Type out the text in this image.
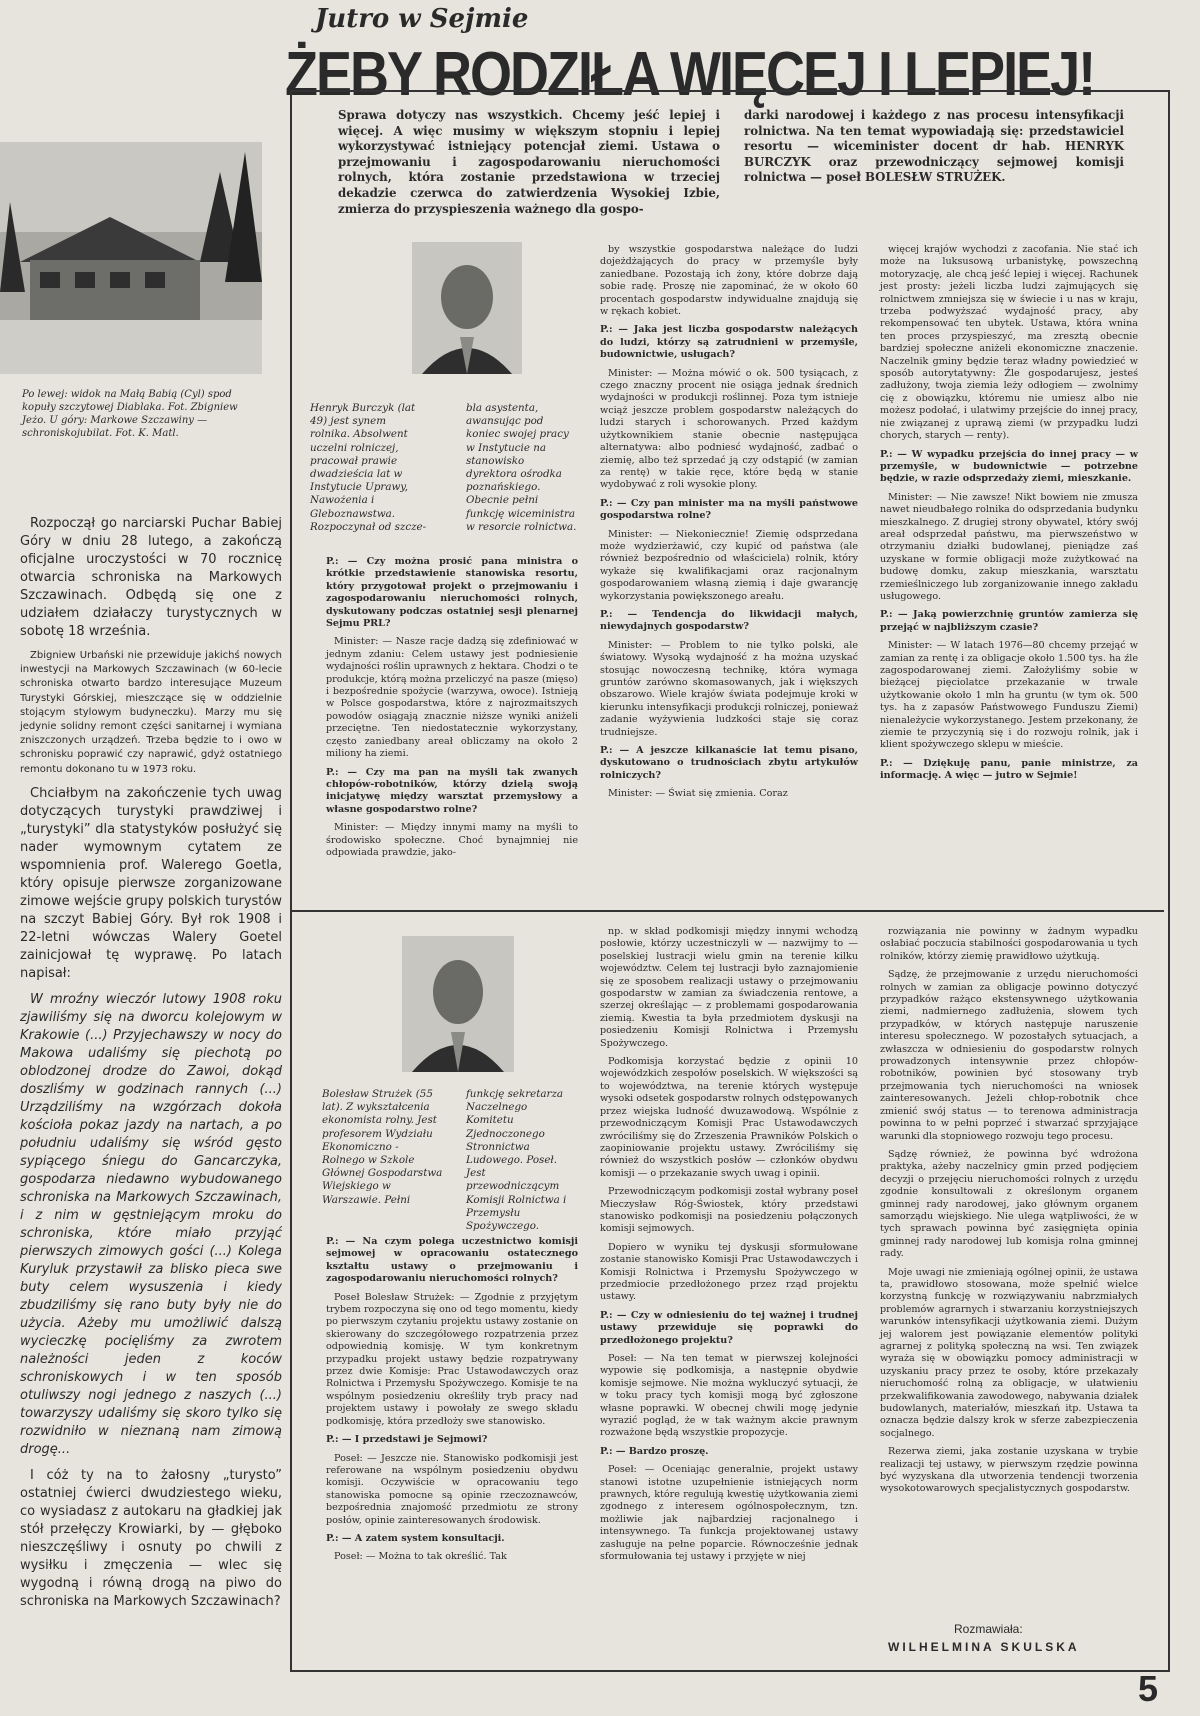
Jutro w Sejmie
ŻEBY RODZIŁA WIĘCEJ I LEPIEJ!
Sprawa dotyczy nas wszystkich. Chcemy jeść lepiej i więcej. A więc musimy w większym stopniu i lepiej wykorzystywać istniejący potencjał ziemi. Ustawa o przejmowaniu i zagospodarowaniu nieruchomości rolnych, która zostanie przedstawiona w trzeciej dekadzie czerwca do zatwierdzenia Wysokiej Izbie, zmierza do przyspieszenia ważnego dla gospo-
darki narodowej i każdego z nas procesu intensyfikacji rolnictwa. Na ten temat wypowiadają się: przedstawiciel resortu — wiceminister docent dr hab. HENRYK BURCZYK oraz przewodniczący sejmowej komisji rolnictwa — poseł BOLESŁW STRUŻEK.
Po lewej: widok na Małą Babią (Cyl) spod kopuły szczytowej Diablaka. Fot. Zbigniew Jeżo. U góry: Markowe Szczawiny — schroniskojubilat. Fot. K. Matl.

Rozpoczął go narciarski Puchar Babiej Góry w dniu 28 lutego, a zakończą oficjalne uroczystości w 70 rocznicę otwarcia schroniska na Markowych Szczawinach. Odbędą się one z udziałem działaczy turystycznych w sobotę 18 września.

Zbigniew Urbański nie przewiduje jakichś nowych inwestycji na Markowych Szczawinach (w 60-lecie schroniska otwarto bardzo interesujące Muzeum Turystyki Górskiej, mieszczące się w oddzielnie stojącym stylowym budyneczku). Marzy mu się jedynie solidny remont części sanitarnej i wymiana zniszczonych urządzeń. Trzeba będzie to i owo w schronisku poprawić czy naprawić, gdyż ostatniego remontu dokonano tu w 1973 roku.

Chciałbym na zakończenie tych uwag dotyczących turystyki prawdziwej i „turystyki” dla statystyków posłużyć się nader wymownym cytatem ze wspomnienia prof. Walerego Goetla, który opisuje pierwsze zorganizowane zimowe wejście grupy polskich turystów na szczyt Babiej Góry. Był rok 1908 i 22-letni wówczas Walery Goetel zainicjował tę wyprawę. Po latach napisał:

W mroźny wieczór lutowy 1908 roku zjawiliśmy się na dworcu kolejowym w Krakowie (...) Przyjechawszy w nocy do Makowa udaliśmy się piechotą po oblodzonej drodze do Zawoi, dokąd doszliśmy w godzinach rannych (...) Urządziliśmy na wzgórzach dokoła kościoła pokaz jazdy na nartach, a po południu udaliśmy się wśród gęsto sypiącego śniegu do Gancarczyka, gospodarza niedawno wybudowanego schroniska na Markowych Szczawinach, i z nim w gęstniejącym mroku do schroniska, które miało przyjąć pierwszych zimowych gości (...) Kolega Kuryluk przystawił za blisko pieca swe buty celem wysuszenia i kiedy zbudziliśmy się rano buty były nie do użycia. Ażeby mu umożliwić dalszą wycieczkę pocięliśmy za zwrotem należności jeden z koców schroniskowych i w ten sposób otuliwszy nogi jednego z naszych (...) towarzyszy udaliśmy się skoro tylko się rozwidniło w nieznaną nam zimową drogę...

I cóż ty na to żałosny „turysto” ostatniej ćwierci dwudziestego wieku, co wysiadasz z autokaru na gładkiej jak stół przełęczy Krowiarki, by — głęboko nieszczęśliwy i osnuty po chwili z wysiłku i zmęczenia — wlec się wygodną i równą drogą na piwo do schroniska na Markowych Szczawinach?

Henryk Burczyk (lat 49) jest synem rolnika. Absolwent uczelni rolniczej, pracował prawie dwadzieścia lat w Instytucie Uprawy, Nawożenia i Gleboznawstwa. Rozpoczynał od szcze-
bla asystenta, awansując pod koniec swojej pracy w Instytucie na stanowisko dyrektora ośrodka poznańskiego. Obecnie pełni funkcję wiceministra w resorcie rolnictwa.

P.: — Czy można prosić pana ministra o krótkie przedstawienie stanowiska resortu, który przygotował projekt o przejmowaniu i zagospodarowaniu nieruchomości rolnych, dyskutowany podczas ostatniej sesji plenarnej Sejmu PRL?

Minister: — Nasze racje dadzą się zdefiniować w jednym zdaniu: Celem ustawy jest podniesienie wydajności roślin uprawnych z hektara. Chodzi o te produkcje, którą można przeliczyć na pasze (mięso) i bezpośrednie spożycie (warzywa, owoce). Istnieją w Polsce gospodarstwa, które z najrozmaitszych powodów osiągają znacznie niższe wyniki aniżeli przeciętne. Ten niedostatecznie wykorzystany, często zaniedbany areał obliczamy na około 2 miliony ha ziemi.

P.: — Czy ma pan na myśli tak zwanych chłopów-robotników, którzy dzielą swoją inicjatywę między warsztat przemysłowy a własne gospodarstwo rolne?

Minister: — Między innymi mamy na myśli to środowisko społeczne. Choć bynajmniej nie odpowiada prawdzie, jako-

by wszystkie gospodarstwa należące do ludzi dojeżdżających do pracy w przemyśle były zaniedbane. Pozostają ich żony, które dobrze dają sobie radę. Proszę nie zapominać, że w około 60 procentach gospodarstw indywidualne znajdują się w rękach kobiet.

P.: — Jaka jest liczba gospodarstw należących do ludzi, którzy są zatrudnieni w przemyśle, budownictwie, usługach?

Minister: — Można mówić o ok. 500 tysiącach, z czego znaczny procent nie osiąga jednak średnich wydajności w produkcji roślinnej. Poza tym istnieje wciąż jeszcze problem gospodarstw należących do ludzi starych i schorowanych. Przed każdym użytkownikiem stanie obecnie następująca alternatywa: albo podniesć wydajność, zadbać o ziemię, albo też sprzedać ją czy odstąpić (w zamian za rentę) w takie ręce, które będą w stanie wydobywać z roli wysokie plony.

P.: — Czy pan minister ma na myśli państwowe gospodarstwa rolne?

Minister: — Niekoniecznie! Ziemię odsprzedana może wydzierżawić, czy kupić od państwa (ale również bezpośrednio od właściciela) rolnik, który wykaże się kwalifikacjami oraz racjonalnym gospodarowaniem własną ziemią i daje gwarancję wykorzystania powiększonego areału.

P.: — Tendencja do likwidacji małych, niewydajnych gospodarstw?

Minister: — Problem to nie tylko polski, ale światowy. Wysoką wydajność z ha można uzyskać stosując nowoczesną technikę, która wymaga gruntów zarówno skomasowanych, jak i większych obszarowo. Wiele krajów świata podejmuje kroki w kierunku intensyfikacji produkcji rolniczej, ponieważ zadanie wyżywienia ludzkości staje się coraz trudniejsze.

P.: — A jeszcze kilkanaście lat temu pisano, dyskutowano o trudnościach zbytu artykułów rolniczych?

Minister: — Świat się zmienia. Coraz

więcej krajów wychodzi z zacofania. Nie stać ich może na luksusową urbanistykę, powszechną motoryzację, ale chcą jeść lepiej i więcej. Rachunek jest prosty: jeżeli liczba ludzi zajmujących się rolnictwem zmniejsza się w świecie i u nas w kraju, trzeba podwyższać wydajność pracy, aby rekompensować ten ubytek. Ustawa, która wnina ten proces przyspieszyć, ma zresztą obecnie bardziej społeczne aniżeli ekonomiczne znaczenie. Naczelnik gminy będzie teraz władny powiedzieć w sposób autorytatywny: Źle gospodarujesz, jesteś zadłużony, twoja ziemia leży odłogiem — zwolnimy cię z obowiązku, któremu nie umiesz albo nie możesz podołać, i ulatwimy przejście do innej pracy, nie związanej z uprawą ziemi (w przypadku ludzi chorych, starych — renty).

P.: — W wypadku przejścia do innej pracy — w przemyśle, w budownictwie — potrzebne będzie, w razie odsprzedaży ziemi, mieszkanie.

Minister: — Nie zawsze! Nikt bowiem nie zmusza nawet nieudbałego rolnika do odsprzedania budynku mieszkalnego. Z drugiej strony obywatel, który swój areał odsprzedał państwu, ma pierwszeństwo w otrzymaniu działki budowlanej, pieniądze zaś uzyskane w formie obligacji może zużytkować na budowę domku, zakup mieszkania, warsztatu rzemieślniczego lub zorganizowanie innego zakładu usługowego.

P.: — Jaką powierzchnię gruntów zamierza się przejąć w najbliższym czasie?

Minister: — W latach 1976—80 chcemy przejąć w zamian za rentę i za obligacje około 1.500 tys. ha źle zagospodarowanej ziemi. Założyliśmy sobie w bieżącej pięciolatce przekazanie w trwale użytkowanie około 1 mln ha gruntu (w tym ok. 500 tys. ha z zapasów Państwowego Funduszu Ziemi) nienależycie wykorzystanego. Jestem przekonany, że ziemie te przyczynią się i do rozwoju rolnik, jak i klient spożywczego sklepu w mieście.

P.: — Dziękuję panu, panie ministrze, za informację. A więc — jutro w Sejmie!

Bolesław Strużek (55 lat). Z wykształcenia ekonomista rolny. Jest profesorem Wydziału Ekonomiczno - Rolnego w Szkole Głównej Gospodarstwa Wiejskiego w Warszawie. Pełni
funkcję sekretarza Naczelnego Komitetu Zjednoczonego Stronnictwa Ludowego. Poseł. Jest przewodniczącym Komisji Rolnictwa i Przemysłu Spożywczego.

P.: — Na czym polega uczestnictwo komisji sejmowej w opracowaniu ostatecznego kształtu ustawy o przejmowaniu i zagospodarowaniu nieruchomości rolnych?

Poseł Bolesław Strużek: — Zgodnie z przyjętym trybem rozpoczyna się ono od tego momentu, kiedy po pierwszym czytaniu projektu ustawy zostanie on skierowany do szczegółowego rozpatrzenia przez odpowiednią komisję. W tym konkretnym przypadku projekt ustawy będzie rozpatrywany przez dwie Komisje: Prac Ustawodawczych oraz Rolnictwa i Przemysłu Spożywczego. Komisje te na wspólnym posiedzeniu określiły tryb pracy nad projektem ustawy i powołały ze swego składu podkomisję, która przedłoży swe stanowisko.

P.: — I przedstawi je Sejmowi?

Poseł: — Jeszcze nie. Stanowisko podkomisji jest referowane na wspólnym posiedzeniu obydwu komisji. Oczywiście w opracowaniu tego stanowiska pomocne są opinie rzeczoznawców, bezpośrednia znajomość przedmiotu ze strony posłów, opinie zainteresowanych środowisk.

P.: — A zatem system konsultacji.

Poseł: — Można to tak określić. Tak

np. w skład podkomisji między innymi wchodzą posłowie, którzy uczestniczyli w — nazwijmy to — poselskiej lustracji wielu gmin na terenie kilku województw. Celem tej lustracji było zaznajomienie się ze sposobem realizacji ustawy o przejmowaniu gospodarstw w zamian za świadczenia rentowe, a szerzej określając — z problemami gospodarowania ziemią. Kwestia ta była przedmiotem dyskusji na posiedzeniu Komisji Rolnictwa i Przemysłu Spożywczego.

Podkomisja korzystać będzie z opinii 10 wojewódzkich zespołów poselskich. W większości są to województwa, na terenie których występuje wysoki odsetek gospodarstw rolnych odstępowanych przez wiejska ludność dwuzawodową. Wspólnie z przewodniczącym Komisji Prac Ustawodawczych zwróciliśmy się do Zrzeszenia Prawników Polskich o zaopiniowanie projektu ustawy. Zwróciliśmy się również do wszystkich posłów — członków obydwu komisji — o przekazanie swych uwag i opinii.

Przewodniczącym podkomisji został wybrany poseł Mieczysław Róg-Świostek, który przedstawi stanowisko podkomisji na posiedzeniu połączonych komisji sejmowych.

Dopiero w wyniku tej dyskusji sformułowane zostanie stanowisko Komisji Prac Ustawodawczych i Komisji Rolnictwa i Przemysłu Spożywczego w przedmiocie przedłożonego przez rząd projektu ustawy.

P.: — Czy w odniesieniu do tej ważnej i trudnej ustawy przewiduje się poprawki do przedłożonego projektu?

Poseł: — Na ten temat w pierwszej kolejności wypowie się podkomisja, a następnie obydwie komisje sejmowe. Nie można wykluczyć sytuacji, że w toku pracy tych komisji mogą być zgłoszone własne poprawki. W obecnej chwili mogę jedynie wyrazić pogląd, że w tak ważnym akcie prawnym rozważone będą wszystkie propozycje.

P.: — Bardzo proszę.

Poseł: — Oceniając generalnie, projekt ustawy stanowi istotne uzupełnienie istniejących norm prawnych, które regulują kwestię użytkowania ziemi zgodnego z interesem ogólnospołecznym, tzn. możliwie jak najbardziej racjonalnego i intensywnego. Ta funkcja projektowanej ustawy zasługuje na pełne poparcie. Równocześnie jednak sformułowania tej ustawy i przyjęte w niej

rozwiązania nie powinny w żadnym wypadku osłabiać poczucia stabilności gospodarowania u tych rolników, którzy ziemię prawidłowo użytkują.

Sądzę, że przejmowanie z urzędu nieruchomości rolnych w zamian za obligacje powinno dotyczyć przypadków rażąco ekstensywnego użytkowania ziemi, nadmiernego zadłużenia, słowem tych przypadków, w których następuje naruszenie interesu społecznego. W pozostałych sytuacjach, a zwłaszcza w odniesieniu do gospodarstw rolnych prowadzonych intensywnie przez chłopów-robotników, powinien być stosowany tryb przejmowania tych nieruchomości na wniosek zainteresowanych. Jeżeli chłop-robotnik chce zmienić swój status — to terenowa administracja powinna to w pełni poprzeć i stwarzać sprzyjające warunki dla stopniowego rozwoju tego procesu.

Sądzę również, że powinna być wdrożona praktyka, ażeby naczelnicy gmin przed podjęciem decyzji o przejęciu nieruchomości rolnych z urzędu zgodnie konsultowali z określonym organem gminnej rady narodowej, jako głównym organem samorządu wiejskiego. Nie ulega wątpliwości, że w tych sprawach powinna być zasięgnięta opinia gminnej rady narodowej lub komisja rolna gminnej rady.

Moje uwagi nie zmieniają ogólnej opinii, że ustawa ta, prawidłowo stosowana, może spełnić wielce korzystną funkcję w rozwiązywaniu nabrzmiałych problemów agrarnych i stwarzaniu korzystniejszych warunków intensyfikacji użytkowania ziemi. Dużym jej walorem jest powiązanie elementów polityki agrarnej z polityką społeczną na wsi. Ten związek wyraża się w obowiązku pomocy administracji w uzyskaniu pracy przez te osoby, które przekazały nieruchomość rolną za obligacje, w ułatwieniu przekwalifikowania zawodowego, nabywania działek budowlanych, materiałów, mieszkań itp. Ustawa ta oznacza będzie dalszy krok w sferze zabezpieczenia socjalnego.

Rezerwa ziemi, jaka zostanie uzyskana w trybie realizacji tej ustawy, w pierwszym rzędzie powinna być wyzyskana dla utworzenia tendencji tworzenia wysokotowarowych specjalistycznych gospodarstw.

Rozmawiała:
WILHELMINA SKULSKA
5
